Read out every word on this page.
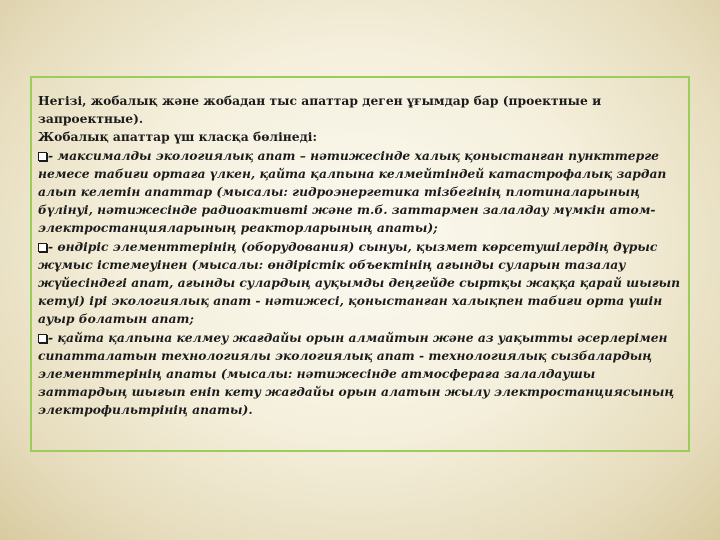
Негізі, жобалық және жобадан тыс апаттар деген ұғымдар бар (проектные и запроектные).
Жобалық апаттар үш класқа бөлінеді:

- максималды экологиялық апат – нәтижесінде халық қоныстанған пункттерге немесе табиғи ортаға үлкен, қайта қалпына келмейтіндей катастрофалық зардап алып келетін апаттар (мысалы: гидроэнергетика тізбегінің плотиналарының бүлінуі, нәтижесінде радиоактивті және т.б. заттармен залалдау мүмкін атом-электростанцияларының реакторларының апаты);

- өндіріс элементтерінің (оборудования) сынуы, қызмет көрсетушілердің дұрыс жұмыс істемеуінен (мысалы: өндірістік объектінің ағынды суларын тазалау жүйесіндегі апат, ағынды сулардың ауқымды деңгейде сыртқы жаққа қарай шығып кетуі) ірі экологиялық апат - нәтижесі, қоныстанған халықпен табиғи орта үшін ауыр болатын апат;

- қайта қалпына келмеу жағдайы орын алмайтын және аз уақытты әсерлерімен сипатталатын технологиялы экологиялық апат - технологиялық сызбалардың элементтерінің апаты (мысалы: нәтижесінде атмосфераға залалдаушы заттардың шығып еніп кету жағдайы орын алатын жылу электростанциясының электрофильтрінің апаты).
